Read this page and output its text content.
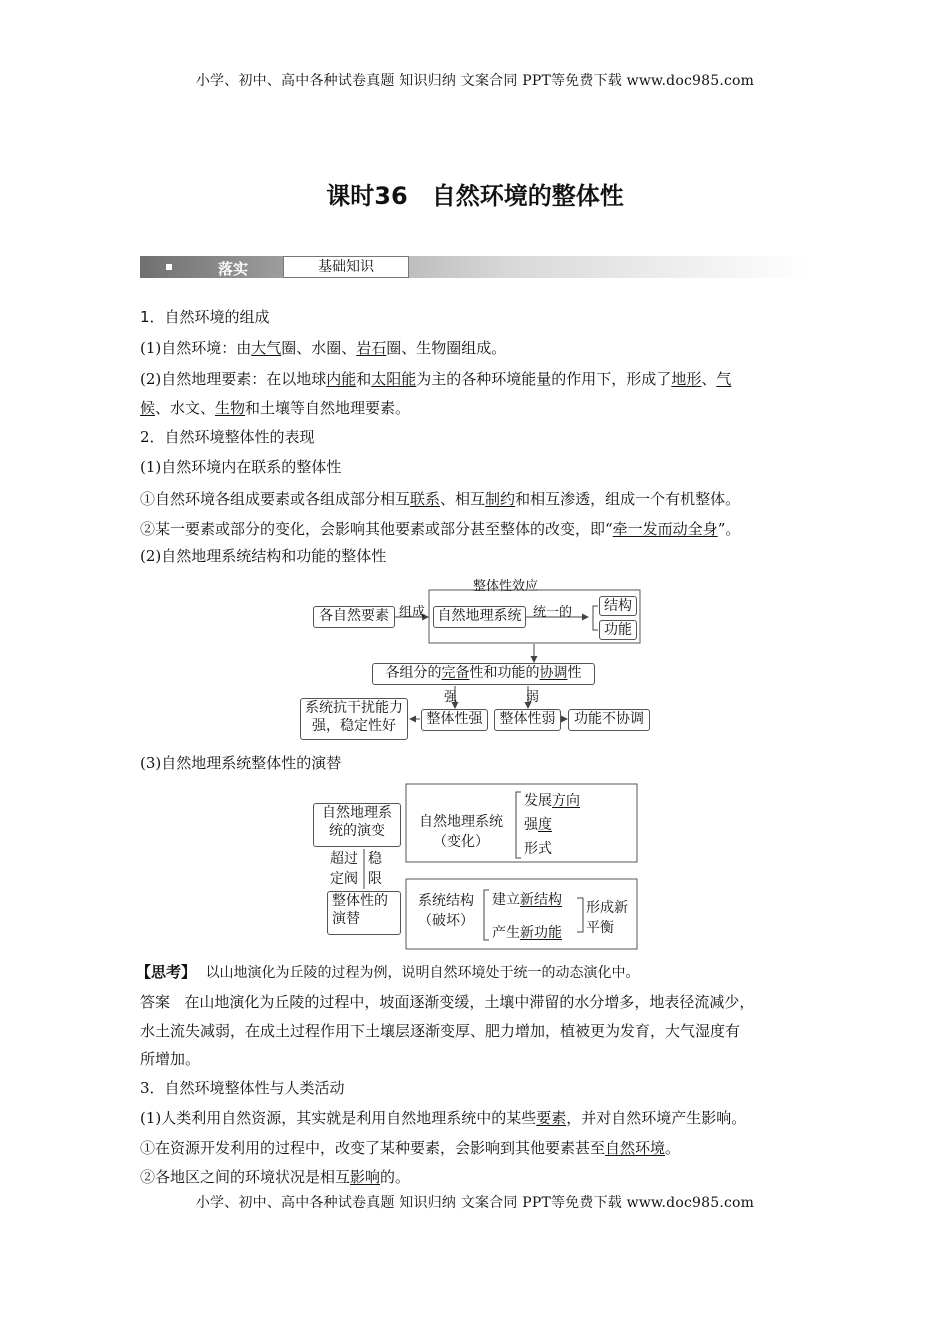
小学、初中、高中各种试卷真题 知识归纳 文案合同 PPT等免费下载 www.doc985.com
课时36　自然环境的整体性
落实	基础知识
1．自然环境的组成
(1)自然环境：由大气圈、水圈、岩石圈、生物圈组成。
(2)自然地理要素：在以地球内能和太阳能为主的各种环境能量的作用下，形成了地形、气
候、水文、生物和土壤等自然地理要素。
2．自然环境整体性的表现
(1)自然环境内在联系的整体性
①自然环境各组成要素或各组成部分相互联系、相互制约和相互渗透，组成一个有机整体。
②某一要素或部分的变化，会影响其他要素或部分甚至整体的改变，即“牵一发而动全身”。
(2)自然地理系统结构和功能的整体性
整体性效应
各自然要素 组成 自然地理系统 统一的	结构
功能
各组分的完备性和功能的协调性
强	弱
系统抗干扰能力
强，稳定性好	整体性强	整体性弱	功能不协调
(3)自然地理系统整体性的演替
自然地理系
统的演变
自然地理系统
（变化）
发展方向
强度
形式
超过
定阀
稳
限
整体性的
演替
系统结构
（破坏）
建立新结构
产生新功能
形成新
平衡
【思考】 以山地演化为丘陵的过程为例，说明自然环境处于统一的动态演化中。
答案 在山地演化为丘陵的过程中，坡面逐渐变缓，土壤中滞留的水分增多，地表径流减少，
水土流失减弱，在成土过程作用下土壤层逐渐变厚、肥力增加，植被更为发育，大气湿度有
所增加。
3．自然环境整体性与人类活动
(1)人类利用自然资源，其实就是利用自然地理系统中的某些要素，并对自然环境产生影响。
①在资源开发利用的过程中，改变了某种要素，会影响到其他要素甚至自然环境。
②各地区之间的环境状况是相互影响的。
小学、初中、高中各种试卷真题 知识归纳 文案合同 PPT等免费下载 www.doc985.com
